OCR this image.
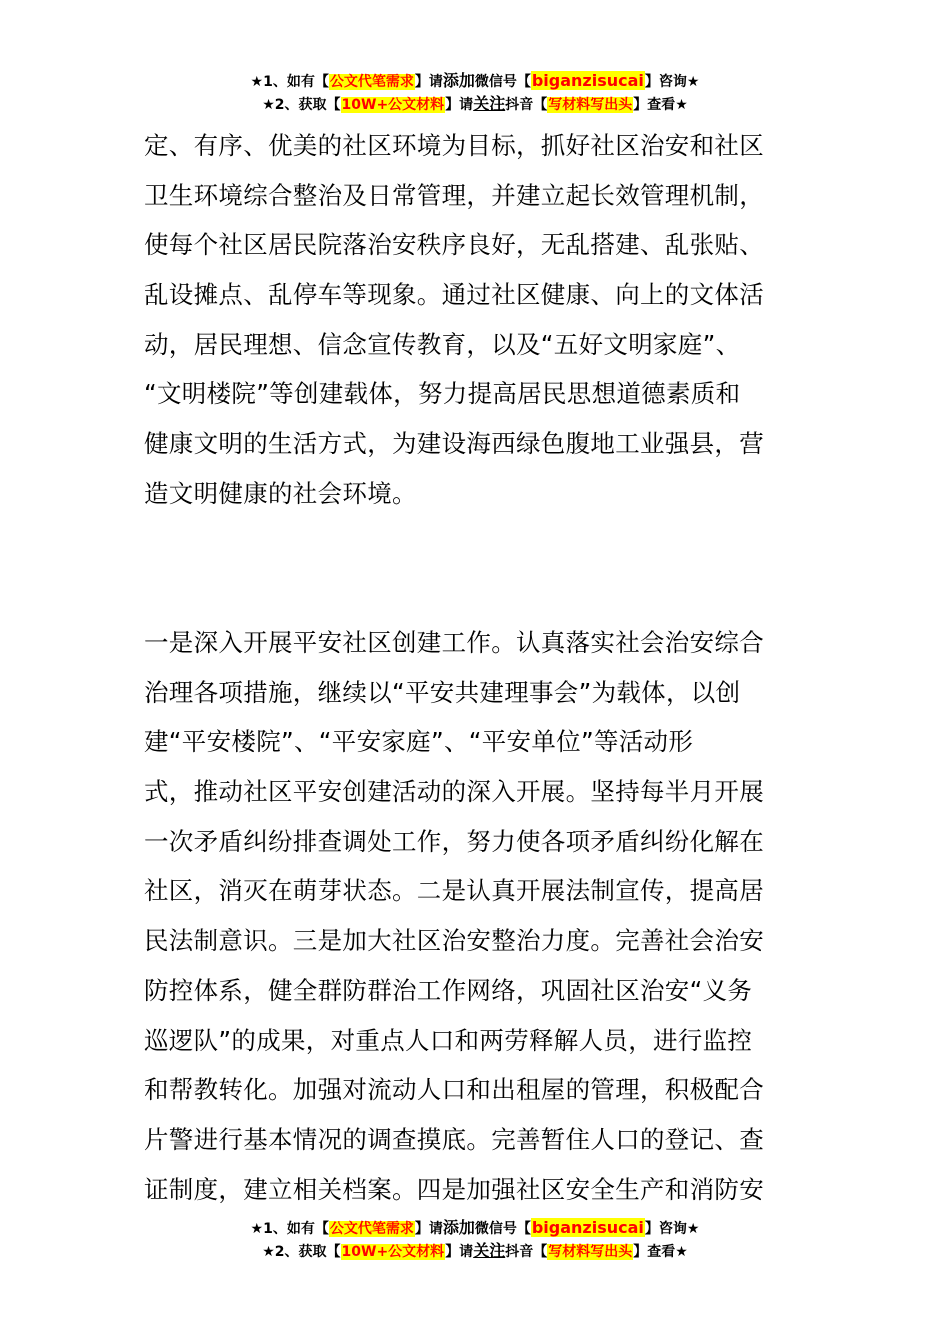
★1、如有【公文代笔需求】请添加微信号【biganzisucai】咨询★
★2、获取【10W+公文材料】请关注抖音【写材料写出头】查看★
定、有序、优美的社区环境为目标，抓好社区治安和社区
卫生环境综合整治及日常管理，并建立起长效管理机制，
使每个社区居民院落治安秩序良好，无乱搭建、乱张贴、
乱设摊点、乱停车等现象。通过社区健康、向上的文体活
动，居民理想、信念宣传教育，以及“五好文明家庭”、
“文明楼院”等创建载体，努力提高居民思想道德素质和
健康文明的生活方式，为建设海西绿色腹地工业强县，营
造文明健康的社会环境。
一是深入开展平安社区创建工作。认真落实社会治安综合
治理各项措施，继续以“平安共建理事会”为载体，以创
建“平安楼院”、“平安家庭”、“平安单位”等活动形
式，推动社区平安创建活动的深入开展。坚持每半月开展
一次矛盾纠纷排查调处工作，努力使各项矛盾纠纷化解在
社区，消灭在萌芽状态。二是认真开展法制宣传，提高居
民法制意识。三是加大社区治安整治力度。完善社会治安
防控体系，健全群防群治工作网络，巩固社区治安“义务
巡逻队”的成果，对重点人口和两劳释解人员，进行监控
和帮教转化。加强对流动人口和出租屋的管理，积极配合
片警进行基本情况的调查摸底。完善暂住人口的登记、查
证制度，建立相关档案。四是加强社区安全生产和消防安
★1、如有【公文代笔需求】请添加微信号【biganzisucai】咨询★
★2、获取【10W+公文材料】请关注抖音【写材料写出头】查看★
